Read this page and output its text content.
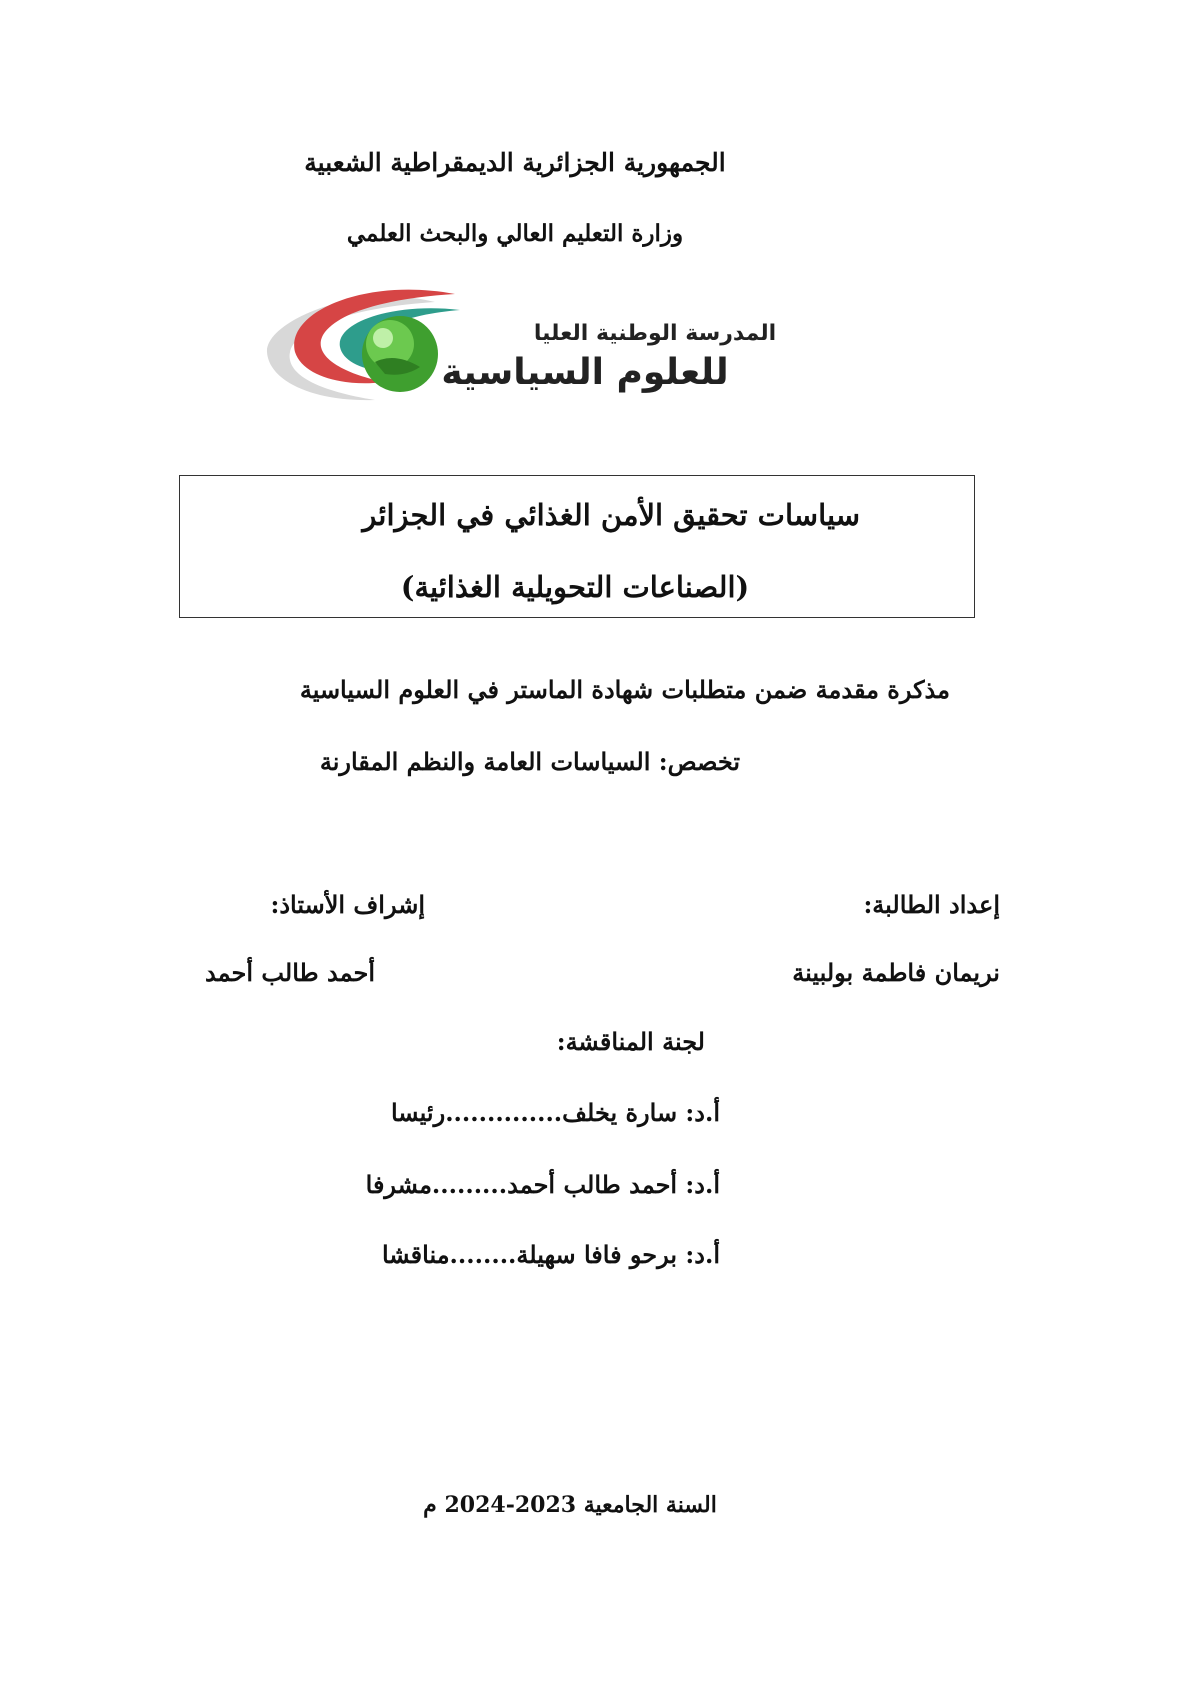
الجمهورية الجزائرية الديمقراطية الشعبية
وزارة التعليم العالي والبحث العلمي
المدرسة الوطنية العليا
للعلوم السياسية
سياسات تحقيق الأمن الغذائي في الجزائر
(الصناعات التحويلية الغذائية)
مذكرة مقدمة ضمن متطلبات شهادة الماستر في العلوم السياسية
تخصص: السياسات العامة والنظم المقارنة
إعداد الطالبة:
نريمان فاطمة بولبينة
إشراف الأستاذ:
أحمد طالب أحمد
لجنة المناقشة:
أ.د: سارة يخلف..............رئيسا
أ.د: أحمد طالب أحمد.........مشرفا
أ.د: برحو فافا سهيلة........مناقشا
السنة الجامعية 2023-2024 م
